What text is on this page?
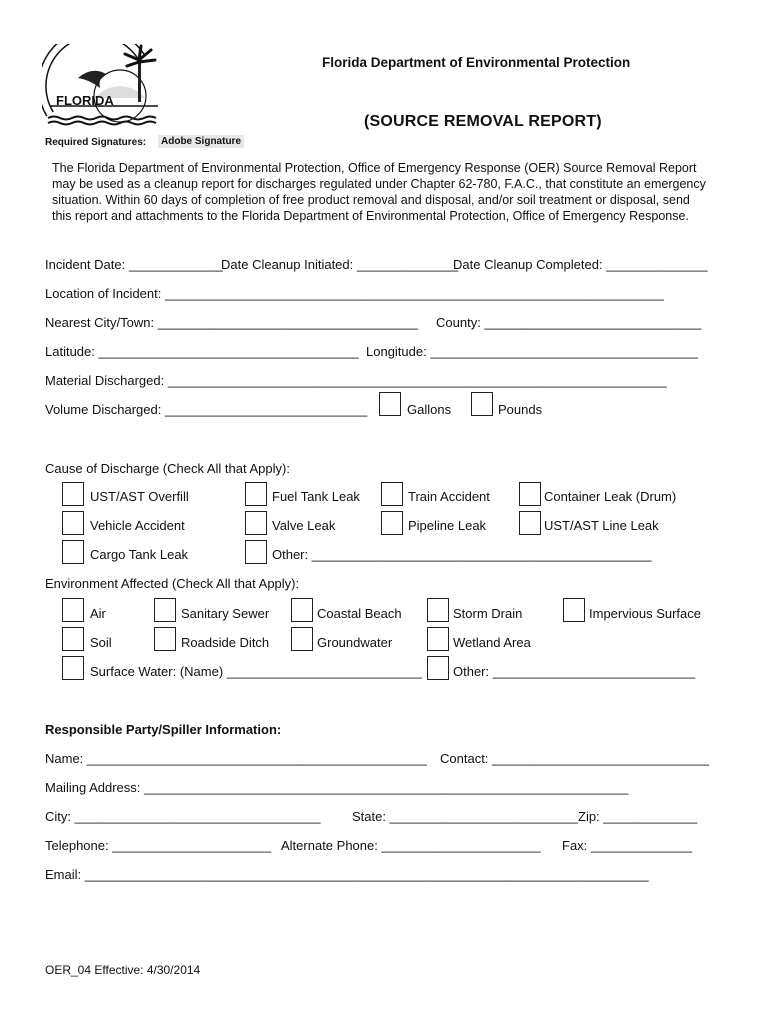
FLORIDA
Florida Department of Environmental Protection
(SOURCE REMOVAL REPORT)
Required Signatures:	Adobe Signature
The Florida Department of Environmental Protection, Office of Emergency Response (OER) Source Removal Report
may be used as a cleanup report for discharges regulated under Chapter 62-780, F.A.C., that constitute an emergency
situation. Within 60 days of completion of free product removal and disposal, and/or soil treatment or disposal, send
this report and attachments to the Florida Department of Environmental Protection, Office of Emergency Response.
Incident Date: _____________
Date Cleanup Initiated: ______________
Date Cleanup Completed: ______________
Location of Incident: _____________________________________________________________________
Nearest City/Town: ____________________________________ County: ______________________________
Latitude: ____________________________________ Longitude: _____________________________________
Material Discharged: _____________________________________________________________________
Volume Discharged: ____________________________	Gallons	Pounds
Cause of Discharge (Check All that Apply):
UST/AST Overfill	Fuel Tank Leak	Train Accident	Container Leak (Drum)
Vehicle Accident	Valve Leak	Pipeline Leak	UST/AST Line Leak
Cargo Tank Leak	Other: _______________________________________________
Environment Affected (Check All that Apply):
Air	Sanitary Sewer	Coastal Beach	Storm Drain	Impervious Surface
Soil	Roadside Ditch	Groundwater	Wetland Area
Surface Water: (Name) ___________________________ Other: ____________________________
Responsible Party/Spiller Information:
Name: _______________________________________________ Contact: ______________________________
Mailing Address: ___________________________________________________________________
City: __________________________________ State: __________________________ Zip: _____________
Telephone: ______________________ Alternate Phone: ______________________ Fax: ______________
Email: ______________________________________________________________________________
OER_04 Effective: 4/30/2014
